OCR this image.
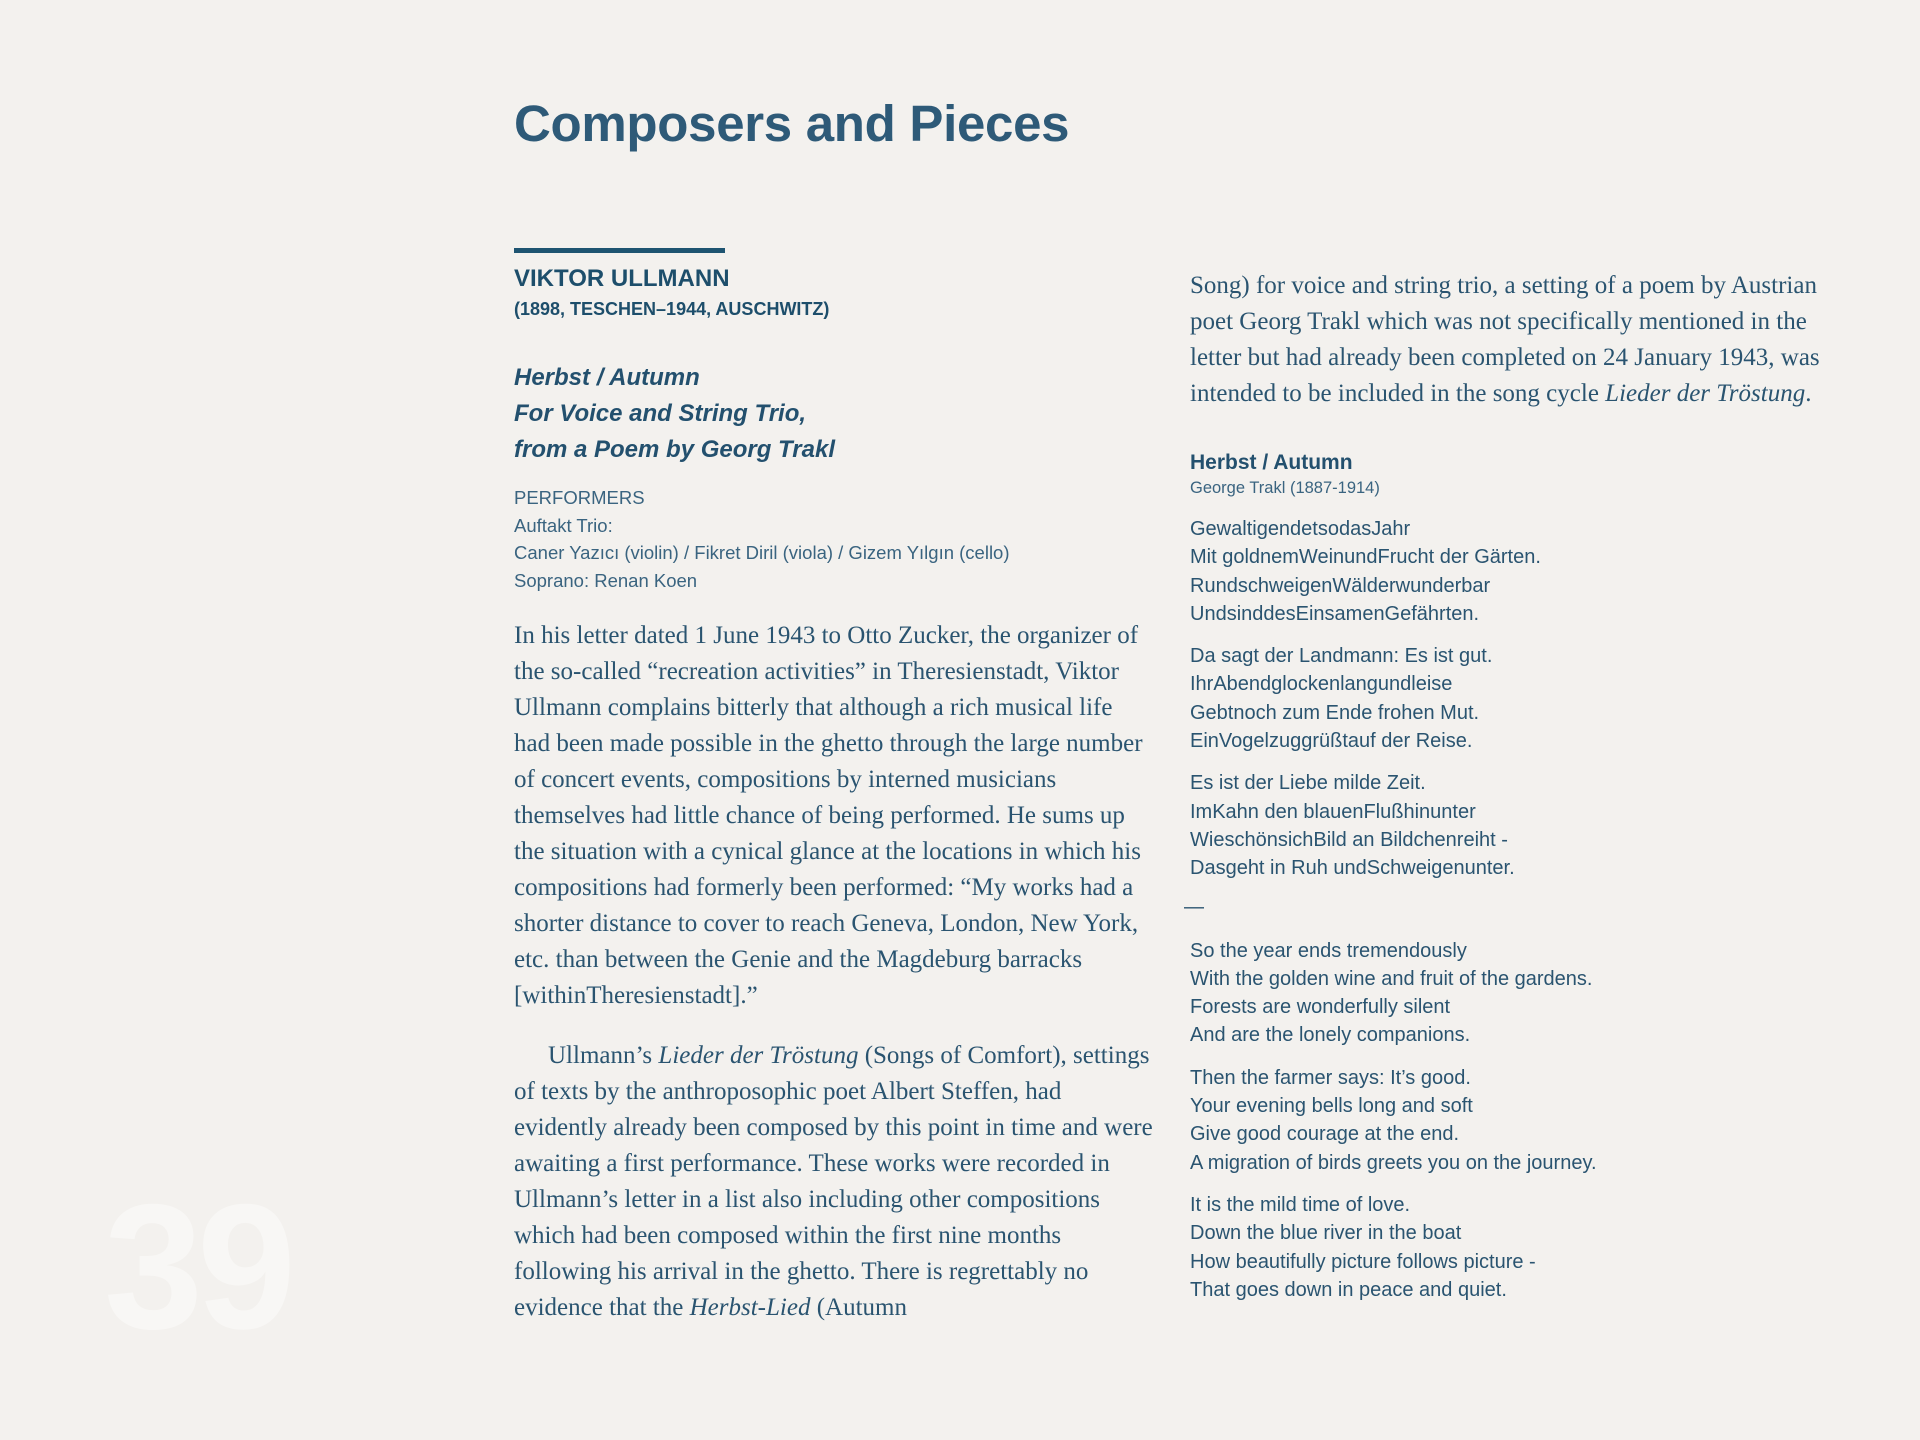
39
Composers and Pieces
VIKTOR ULLMANN
(1898, TESCHEN–1944, AUSCHWITZ)
Herbst / Autumn
For Voice and String Trio,
from a Poem by Georg Trakl
PERFORMERS
Auftakt Trio:
Caner Yazıcı (violin) / Fikret Diril (viola) / Gizem Yılgın (cello)
Soprano: Renan Koen

In his letter dated 1 June 1943 to Otto Zucker, the organizer of the so-called “recreation activities” in Theresienstadt, Viktor Ullmann complains bitterly that although a rich musical life had been made possible in the ghetto through the large number of concert events, compositions by interned musicians themselves had little chance of being performed. He sums up the situation with a cynical glance at the locations in which his compositions had formerly been performed: “My works had a shorter distance to cover to reach Geneva, London, New York, etc. than between the Genie and the Magdeburg barracks [withinTheresienstadt].”

Ullmann’s Lieder der Tröstung (Songs of Comfort), settings of texts by the anthroposophic poet Albert Steffen, had evidently already been composed by this point in time and were awaiting a first performance. These works were recorded in Ullmann’s letter in a list also including other compositions which had been composed within the first nine months following his arrival in the ghetto. There is regrettably no evidence that the Herbst-Lied (Autumn

Song) for voice and string trio, a setting of a poem by Austrian poet Georg Trakl which was not specifically mentioned in the letter but had already been completed on 24 January 1943, was intended to be included in the song cycle Lieder der Tröstung.

Herbst / Autumn
George Trakl (1887-1914)
GewaltigendetsodasJahr
Mit goldnemWeinundFrucht der Gärten.
RundschweigenWälderwunderbar
UndsinddesEinsamenGefährten.
Da sagt der Landmann: Es ist gut.
IhrAbendglockenlangundleise
Gebtnoch zum Ende frohen Mut.
EinVogelzuggrüßtauf der Reise.
Es ist der Liebe milde Zeit.
ImKahn den blauenFlußhinunter
WieschönsichBild an Bildchenreiht -
Dasgeht in Ruh undSchweigenunter.
—
So the year ends tremendously
With the golden wine and fruit of the gardens.
Forests are wonderfully silent
And are the lonely companions.
Then the farmer says: It’s good.
Your evening bells long and soft
Give good courage at the end.
A migration of birds greets you on the journey.
It is the mild time of love.
Down the blue river in the boat
How beautifully picture follows picture -
That goes down in peace and quiet.
